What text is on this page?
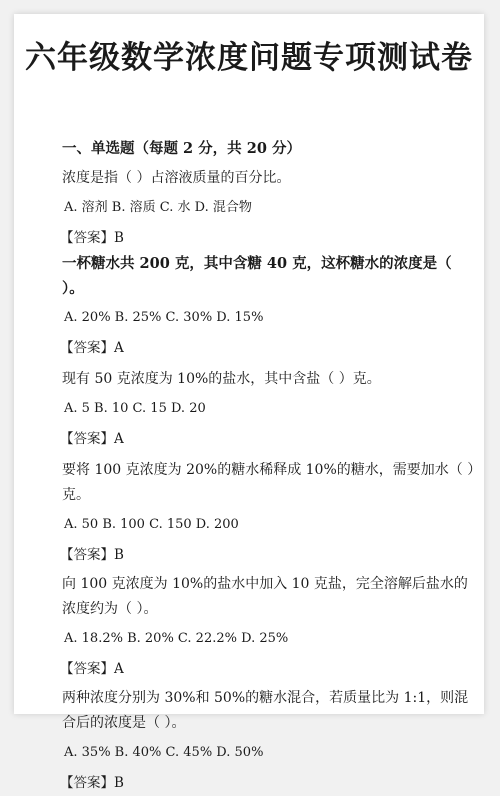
六年级数学浓度问题专项测试卷
一、单选题（每题 2 分，共 20 分）
浓度是指（ ）占溶液质量的百分比。
A. 溶剂 B. 溶质 C. 水 D. 混合物
【答案】B
一杯糖水共 200 克，其中含糖 40 克，这杯糖水的浓度是（ ）。
A. 20% B. 25% C. 30% D. 15%
【答案】A
现有 50 克浓度为 10%的盐水，其中含盐（ ）克。
A. 5 B. 10 C. 15 D. 20
【答案】A
要将 100 克浓度为 20%的糖水稀释成 10%的糖水，需要加水（ ）克。
A. 50 B. 100 C. 150 D. 200
【答案】B
向 100 克浓度为 10%的盐水中加入 10 克盐，完全溶解后盐水的浓度约为（ ）。
A. 18.2% B. 20% C. 22.2% D. 25%
【答案】A
两种浓度分别为 30%和 50%的糖水混合，若质量比为 1:1，则混合后的浓度是（ ）。
A. 35% B. 40% C. 45% D. 50%
【答案】B
